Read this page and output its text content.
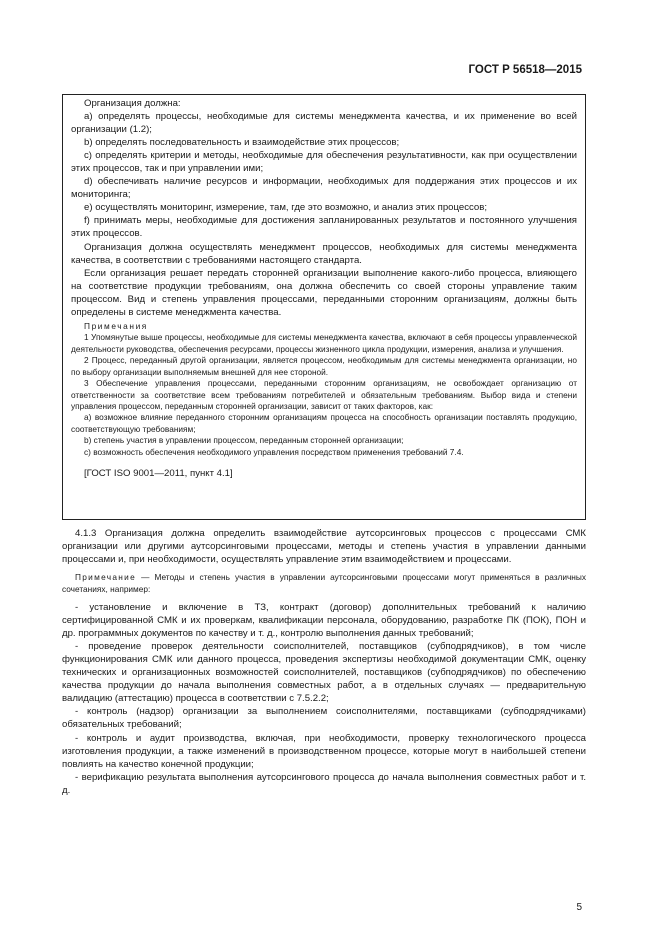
ГОСТ Р 56518—2015

Организация должна:

a) определять процессы, необходимые для системы менеджмента качества, и их применение во всей организации (1.2);

b) определять последовательность и взаимодействие этих процессов;

c) определять критерии и методы, необходимые для обеспечения результативности, как при осуществлении этих процессов, так и при управлении ими;

d) обеспечивать наличие ресурсов и информации, необходимых для поддержания этих процессов и их мониторинга;

e) осуществлять мониторинг, измерение, там, где это возможно, и анализ этих процессов;

f) принимать меры, необходимые для достижения запланированных результатов и постоянного улучшения этих процессов.

Организация должна осуществлять менеджмент процессов, необходимых для системы менеджмента качества, в соответствии с требованиями настоящего стандарта.

Если организация решает передать сторонней организации выполнение какого-либо процесса, влияющего на соответствие продукции требованиям, она должна обеспечить со своей стороны управление таким процессом. Вид и степень управления процессами, переданными сторонним организациям, должны быть определены в системе менеджмента качества.

Примечания

1 Упомянутые выше процессы, необходимые для системы менеджмента качества, включают в себя процессы управленческой деятельности руководства, обеспечения ресурсами, процессы жизненного цикла продукции, измерения, анализа и улучшения.

2 Процесс, переданный другой организации, является процессом, необходимым для системы менеджмента организации, но по выбору организации выполняемым внешней для нее стороной.

3 Обеспечение управления процессами, переданными сторонним организациям, не освобождает организацию от ответственности за соответствие всем требованиям потребителей и обязательным требованиям. Выбор вида и степени управления процессом, переданным сторонней организации, зависит от таких факторов, как:

a) возможное влияние переданного сторонним организациям процесса на способность организации поставлять продукцию, соответствующую требованиям;

b) степень участия в управлении процессом, переданным сторонней организации;

c) возможность обеспечения необходимого управления посредством применения требований 7.4.

[ГОСТ ISO 9001—2011, пункт 4.1]

4.1.3 Организация должна определить взаимодействие аутсорсинговых процессов с процессами СМК организации или другими аутсорсинговыми процессами, методы и степень участия в управлении данными процессами и, при необходимости, осуществлять управление этим взаимодействием и процессами.

Примечание — Методы и степень участия в управлении аутсорсинговыми процессами могут применяться в различных сочетаниях, например:

- установление и включение в ТЗ, контракт (договор) дополнительных требований к наличию сертифицированной СМК и их проверкам, квалификации персонала, оборудованию, разработке ПК (ПОК), ПОН и др. программных документов по качеству и т. д., контролю выполнения данных требований;

- проведение проверок деятельности соисполнителей, поставщиков (субподрядчиков), в том числе функционирования СМК или данного процесса, проведения экспертизы необходимой документации СМК, оценку технических и организационных возможностей соисполнителей, поставщиков (субподрядчиков) по обеспечению качества продукции до начала выполнения совместных работ, а в отдельных случаях — предварительную валидацию (аттестацию) процесса в соответствии с 7.5.2.2;

- контроль (надзор) организации за выполнением соисполнителями, поставщиками (субподрядчиками) обязательных требований;

- контроль и аудит производства, включая, при необходимости, проверку технологического процесса изготовления продукции, а также изменений в производственном процессе, которые могут в наибольшей степени повлиять на качество конечной продукции;

- верификацию результата выполнения аутсорсингового процесса до начала выполнения совместных работ и т. д.

5
